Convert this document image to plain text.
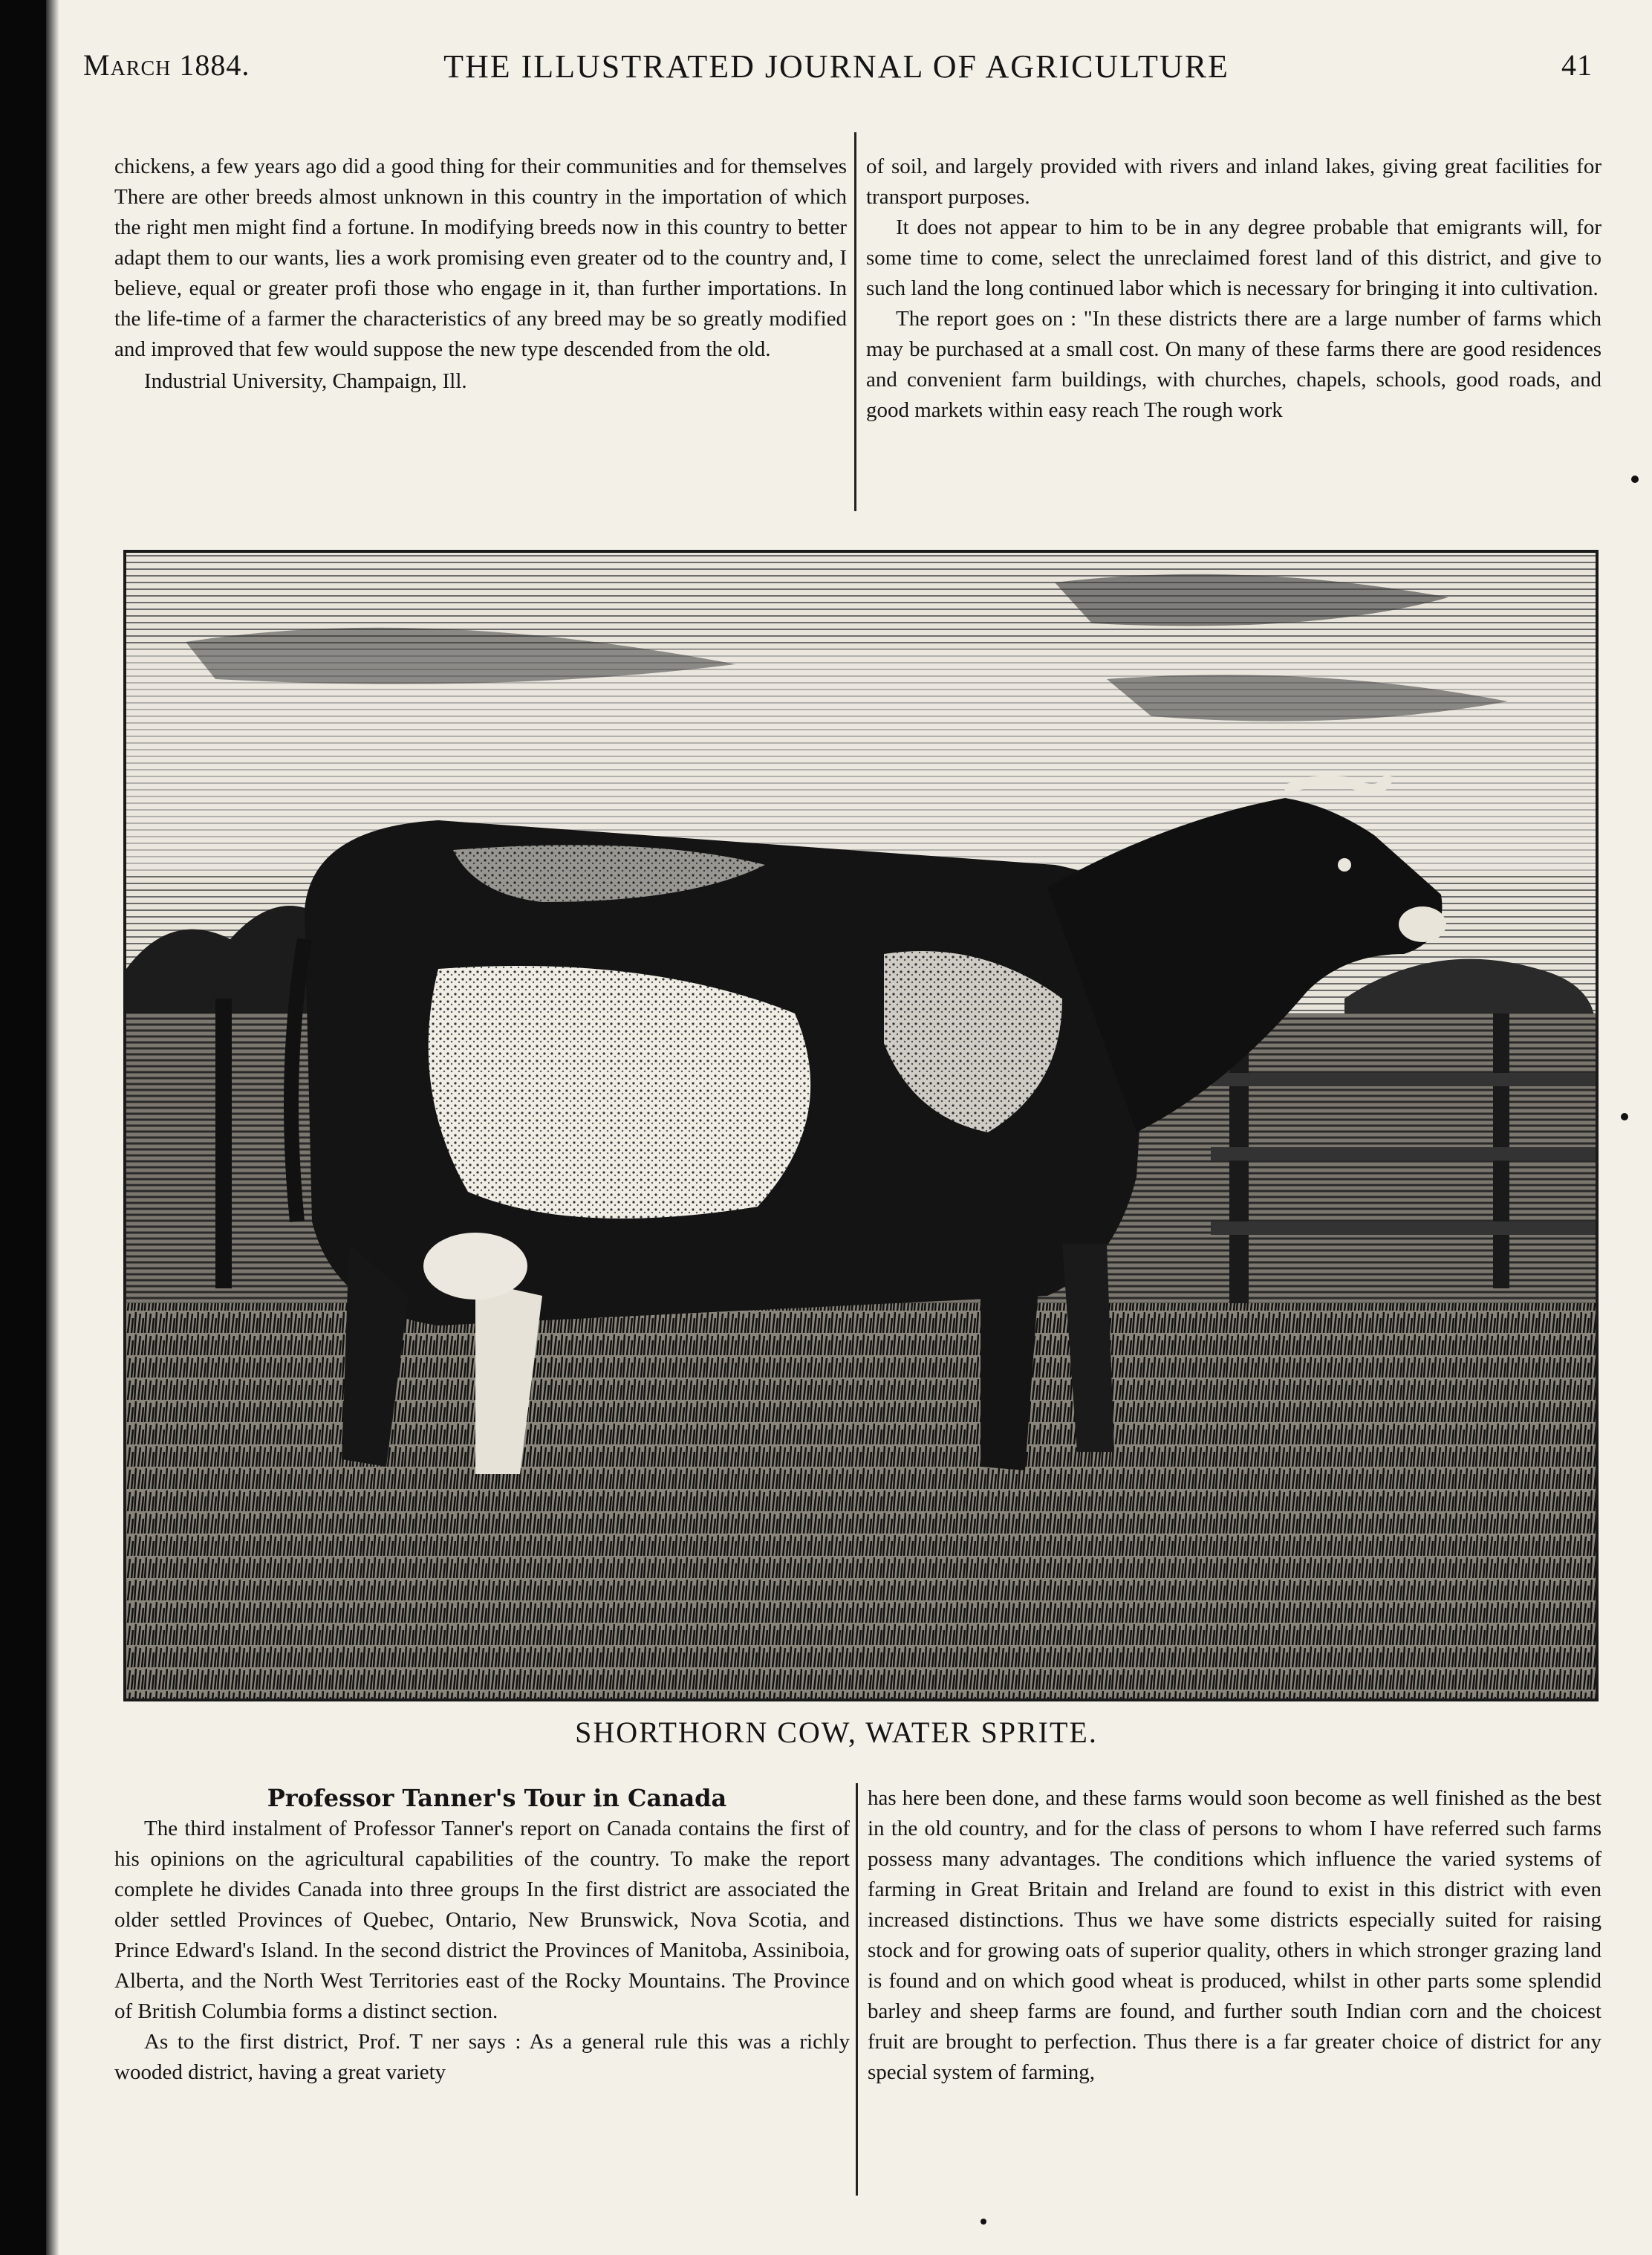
THE ILLUSTRATED JOURNAL OF AGRICULTURE
March 1884.	41

chickens, a few years ago did a good thing for their communities and for themselves There are other breeds almost unknown in this country in the importation of which the right men might find a fortune. In modifying breeds now in this country to better adapt them to our wants, lies a work promising even greater od to the country and, I believe, equal or greater profi those who engage in it, than further importations. In the life-time of a farmer the characteristics of any breed may be so greatly modified and improved that few would suppose the new type descended from the old.

Industrial University, Champaign, Ill.

of soil, and largely provided with rivers and inland lakes, giving great facilities for transport purposes.

It does not appear to him to be in any degree probable that emigrants will, for some time to come, select the unreclaimed forest land of this district, and give to such land the long continued labor which is necessary for bringing it into cultivation.

The report goes on : "In these districts there are a large number of farms which may be purchased at a small cost. On many of these farms there are good residences and convenient farm buildings, with churches, chapels, schools, good roads, and good markets within easy reach The rough work

SHORTHORN COW, WATER SPRITE.

Professor Tanner's Tour in Canada

The third instalment of Professor Tanner's report on Canada contains the first of his opinions on the agricultural capabilities of the country. To make the report complete he divides Canada into three groups In the first district are associated the older settled Provinces of Quebec, Ontario, New Brunswick, Nova Scotia, and Prince Edward's Island. In the second district the Provinces of Manitoba, Assiniboia, Alberta, and the North West Territories east of the Rocky Mountains. The Province of British Columbia forms a distinct section.

As to the first district, Prof. T ner says : As a general rule this was a richly wooded district, having a great variety

has here been done, and these farms would soon become as well finished as the best in the old country, and for the class of persons to whom I have referred such farms possess many advantages. The conditions which influence the varied systems of farming in Great Britain and Ireland are found to exist in this district with even increased distinctions. Thus we have some districts especially suited for raising stock and for growing oats of superior quality, others in which stronger grazing land is found and on which good wheat is produced, whilst in other parts some splendid barley and sheep farms are found, and further south Indian corn and the choicest fruit are brought to perfection. Thus there is a far greater choice of district for any special system of farming,
